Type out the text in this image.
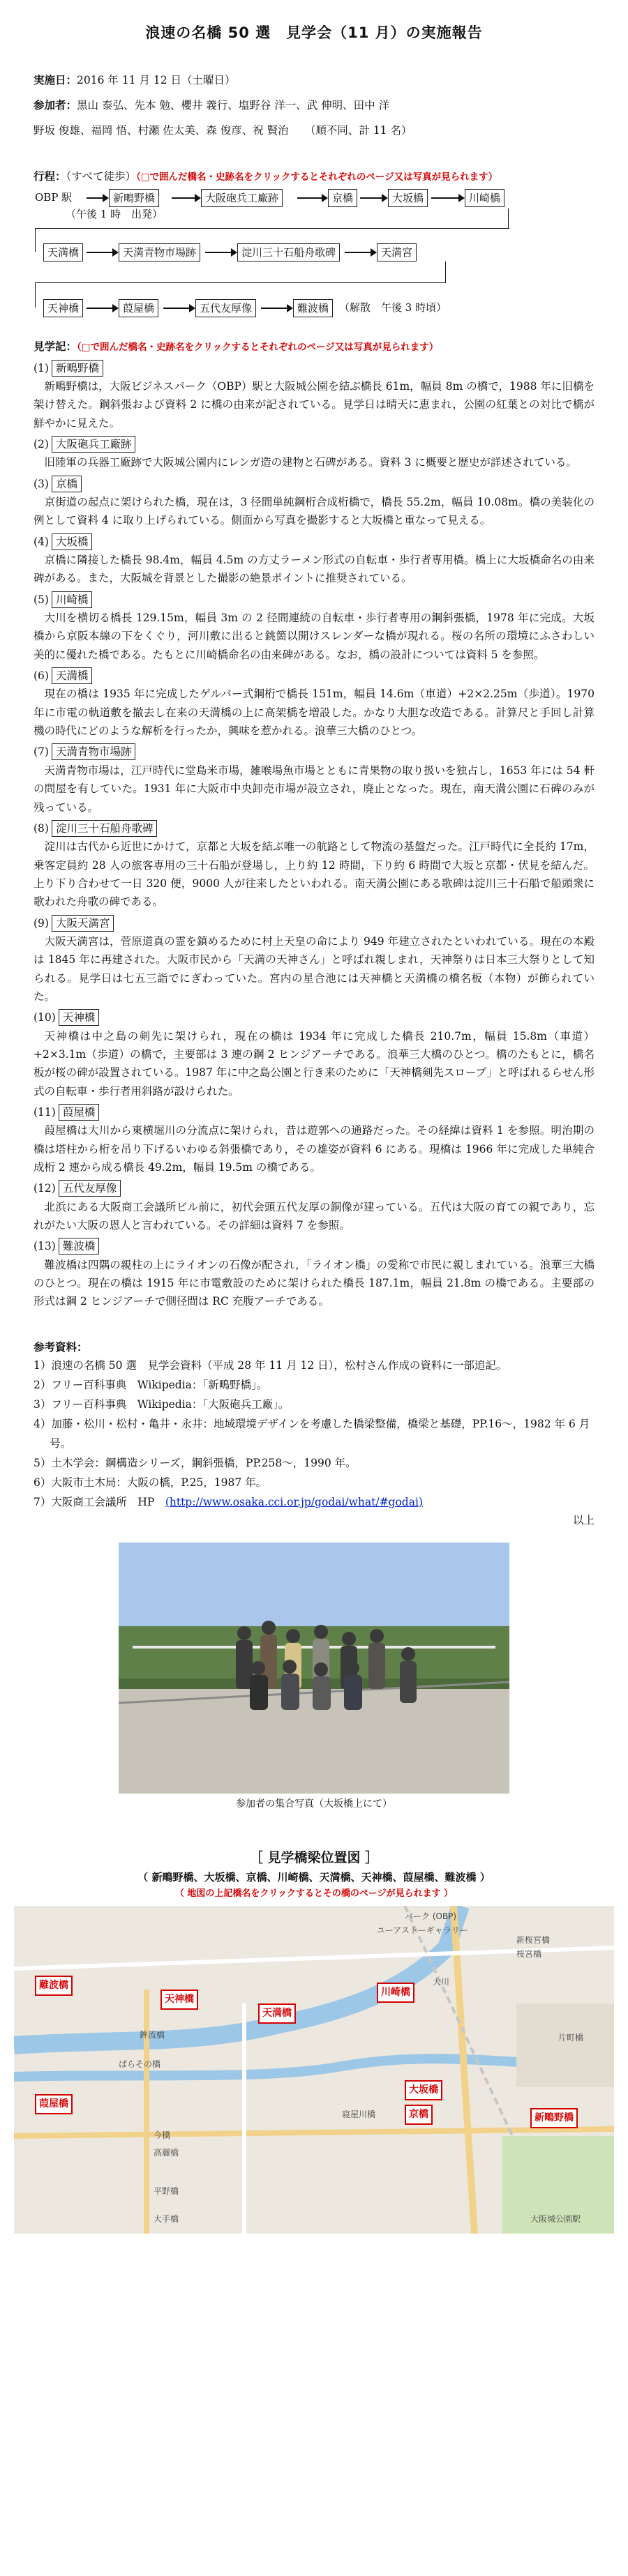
浪速の名橋 50 選　見学会（11 月）の実施報告
実施日：2016 年 11 月 12 日（土曜日）
参加者：黒山 泰弘、先本 勉、櫻井 義行、塩野谷 洋一、武 伸明、田中 洋
野坂 俊雄、福岡 悟、村瀬 佐太美、森 俊彦、祝 賢治　　（順不同、計 11 名）
行程：（すべて徒歩）（□で囲んだ橋名・史跡名をクリックするとそれぞれのページ又は写真が見られます）
OBP 駅
（午後 1 時　出発）
新鴫野橋	大阪砲兵工廠跡	京橋	大坂橋	川崎橋
天満橋	天満青物市場跡	淀川三十石船舟歌碑	天満宮
天神橋	葭屋橋	五代友厚像	難波橋 （解散　午後 3 時頃）
見学記：（□で囲んだ橋名・史跡名をクリックするとそれぞれのページ又は写真が見られます）
(1) 新鴫野橋

新鴫野橋は，大阪ビジネスパーク（OBP）駅と大阪城公園を結ぶ橋長 61m，幅員 8m の橋で，1988 年に旧橋を架け替えた。鋼斜張および資料 2 に橋の由来が記されている。見学日は晴天に恵まれ，公園の紅葉との対比で橋が鮮やかに見えた。

(2) 大阪砲兵工廠跡

旧陸軍の兵器工廠跡で大阪城公園内にレンガ造の建物と石碑がある。資料 3 に概要と歴史が詳述されている。

(3) 京橋

京街道の起点に架けられた橋，現在は，3 径間単純鋼桁合成桁橋で，橋長 55.2m，幅員 10.08m。橋の美装化の例として資料 4 に取り上げられている。側面から写真を撮影すると大坂橋と重なって見える。

(4) 大坂橋

京橋に隣接した橋長 98.4m，幅員 4.5m の方丈ラーメン形式の自転車・歩行者専用橋。橋上に大坂橋命名の由来碑がある。また，大阪城を背景とした撮影の絶景ポイントに推奨されている。

(5) 川崎橋

大川を横切る橋長 129.15m，幅員 3m の 2 径間連続の自転車・歩行者専用の鋼斜張橋，1978 年に完成。大坂橋から京阪本線の下をくぐり，河川敷に出ると銚箇以開けスレンダーな橋が現れる。桜の名所の環境にふさわしい美的に優れた橋である。たもとに川崎橋命名の由来碑がある。なお，橋の設計については資料 5 を参照。

(6) 天満橋

現在の橋は 1935 年に完成したゲルバー式鋼桁で橋長 151m，幅員 14.6m（車道）+2×2.25m（歩道）。1970 年に市電の軌道敷を撤去し在来の天満橋の上に高架橋を増設した。かなり大胆な改造である。計算尺と手回し計算機の時代にどのような解析を行ったか，興味を惹かれる。浪華三大橋のひとつ。

(7) 天満青物市場跡

天満青物市場は，江戸時代に堂島米市場，雑喉場魚市場とともに青果物の取り扱いを独占し，1653 年には 54 軒の問屋を有していた。1931 年に大阪市中央卸売市場が設立され，廃止となった。現在，南天満公園に石碑のみが残っている。

(8) 淀川三十石船舟歌碑

淀川は古代から近世にかけて，京都と大坂を結ぶ唯一の航路として物流の基盤だった。江戸時代に全長約 17m，乗客定員約 28 人の旅客専用の三十石船が登場し，上り約 12 時間，下り約 6 時間で大坂と京都・伏見を結んだ。上り下り合わせて一日 320 便，9000 人が往来したといわれる。南天満公園にある歌碑は淀川三十石船で船頭衆に歌われた舟歌の碑である。

(9) 大阪天満宮

大阪天満宮は，菅原道真の霊を鎮めるために村上天皇の命により 949 年建立されたといわれている。現在の本殿は 1845 年に再建された。大阪市民から「天満の天神さん」と呼ばれ親しまれ，天神祭りは日本三大祭りとして知られる。見学日は七五三詣でにぎわっていた。宮内の星合池には天神橋と天満橋の橋名板（本物）が飾られていた。

(10) 天神橋

天神橋は中之島の剣先に架けられ，現在の橋は 1934 年に完成した橋長 210.7m，幅員 15.8m（車道）+2×3.1m（歩道）の橋で，主要部は 3 連の鋼 2 ヒンジアーチである。浪華三大橋のひとつ。橋のたもとに，橋名板が桜の碑が設置されている。1987 年に中之島公園と行き来のために「天神橋剣先スロープ」と呼ばれるらせん形式の自転車・歩行者用斜路が設けられた。

(11) 葭屋橋

葭屋橋は大川から東横堀川の分流点に架けられ，昔は遊郭への通路だった。その経緯は資料 1 を参照。明治期の橋は塔柱から桁を吊り下げるいわゆる斜張橋であり，その雄姿が資料 6 にある。現橋は 1966 年に完成した単純合成桁 2 連から成る橋長 49.2m，幅員 19.5m の橋である。

(12) 五代友厚像

北浜にある大阪商工会議所ビル前に，初代会頭五代友厚の銅像が建っている。五代は大阪の育ての親であり，忘れがたい大阪の恩人と言われている。その詳細は資料 7 を参照。

(13) 難波橋

難波橋は四隅の親柱の上にライオンの石像が配され，「ライオン橋」の愛称で市民に親しまれている。浪華三大橋のひとつ。現在の橋は 1915 年に市電敷設のために架けられた橋長 187.1m，幅員 21.8m の橋である。主要部の形式は鋼 2 ヒンジアーチで側径間は RC 充腹アーチである。

参考資料：
1）浪速の名橋 50 選　見学会資料（平成 28 年 11 月 12 日），松村さん作成の資料に一部追記。
2）フリー百科事典　Wikipedia：「新鴫野橋」。
3）フリー百科事典　Wikipedia：「大阪砲兵工廠」。
4）加藤・松川・松村・亀井・永井：地域環境デザインを考慮した橋梁整備，橋梁と基礎，PP.16～，1982 年 6 月号。
5）土木学会：鋼構造シリーズ，鋼斜張橋，PP.258～，1990 年。
6）大阪市土木局：大阪の橋，P.25，1987 年。
7）大阪商工会議所　HP　(http://www.osaka.cci.or.jp/godai/what/#godai)
以上
参加者の集合写真（大坂橋上にて）
［ 見学橋梁位置図 ］
（ 新鴫野橋、大坂橋、京橋、川崎橋、天満橋、天神橋、葭屋橋、難波橋 ）
（ 地図の上記橋名をクリックするとその橋のページが見られます ）
パーク (OBP)
ユーアストーギャラリー
新桜宮橋
桜宮橋
片町橋
鉾流橋
ぱらその橋
今橋
高麗橋
平野橋
大手橋
寝屋川橋
大阪城公園駅
大川
難波橋
天神橋
天満橋
川崎橋
大坂橋
京橋	新鴫野橋
葭屋橋
